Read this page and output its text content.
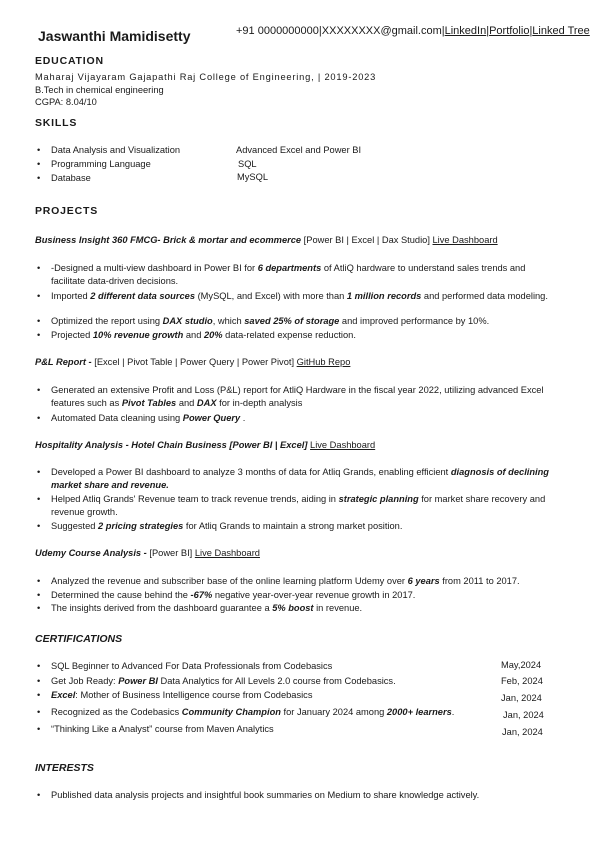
Jaswanthi Mamidisetty	+91 0000000000|XXXXXXXX@gmail.com|LinkedIn|Portfolio|Linked Tree
EDUCATION
Maharaj Vijayaram Gajapathi Raj College of Engineering, | 2019-2023
B.Tech in chemical engineering
CGPA: 8.04/10
SKILLS
• Data Analysis and Visualization	Advanced Excel and Power BI
• Programming Language	SQL
• Database	MySQL
PROJECTS
Business Insight 360 FMCG- Brick & mortar and ecommerce [Power BI | Excel | Dax Studio] Live Dashboard
• -Designed a multi-view dashboard in Power BI for 6 departments of AtliQ hardware to understand sales trends and facilitate data-driven decisions.
• Imported 2 different data sources (MySQL, and Excel) with more than 1 million records and performed data modeling.
• Optimized the report using DAX studio, which saved 25% of storage and improved performance by 10%.
• Projected 10% revenue growth and 20% data-related expense reduction.
P&L Report - [Excel | Pivot Table | Power Query | Power Pivot] GitHub Repo
• Generated an extensive Profit and Loss (P&L) report for AtliQ Hardware in the fiscal year 2022, utilizing advanced Excel features such as Pivot Tables and DAX for in-depth analysis
• Automated Data cleaning using Power Query .
Hospitality Analysis - Hotel Chain Business [Power BI | Excel] Live Dashboard
• Developed a Power BI dashboard to analyze 3 months of data for Atliq Grands, enabling efficient diagnosis of declining market share and revenue.
• Helped Atliq Grands' Revenue team to track revenue trends, aiding in strategic planning for market share recovery and revenue growth.
• Suggested 2 pricing strategies for Atliq Grands to maintain a strong market position.
Udemy Course Analysis - [Power BI] Live Dashboard
• Analyzed the revenue and subscriber base of the online learning platform Udemy over 6 years from 2011 to 2017.
• Determined the cause behind the -67% negative year-over-year revenue growth in 2017.
• The insights derived from the dashboard guarantee a 5% boost in revenue.
CERTIFICATIONS
• SQL Beginner to Advanced For Data Professionals from Codebasics	May,2024
• Get Job Ready: Power BI Data Analytics for All Levels 2.0 course from Codebasics.	Feb, 2024
• Excel: Mother of Business Intelligence course from Codebasics	Jan, 2024
• Recognized as the Codebasics Community Champion for January 2024 among 2000+ learners.	Jan, 2024
• “Thinking Like a Analyst” course from Maven Analytics	Jan, 2024
INTERESTS
• Published data analysis projects and insightful book summaries on Medium to share knowledge actively.
